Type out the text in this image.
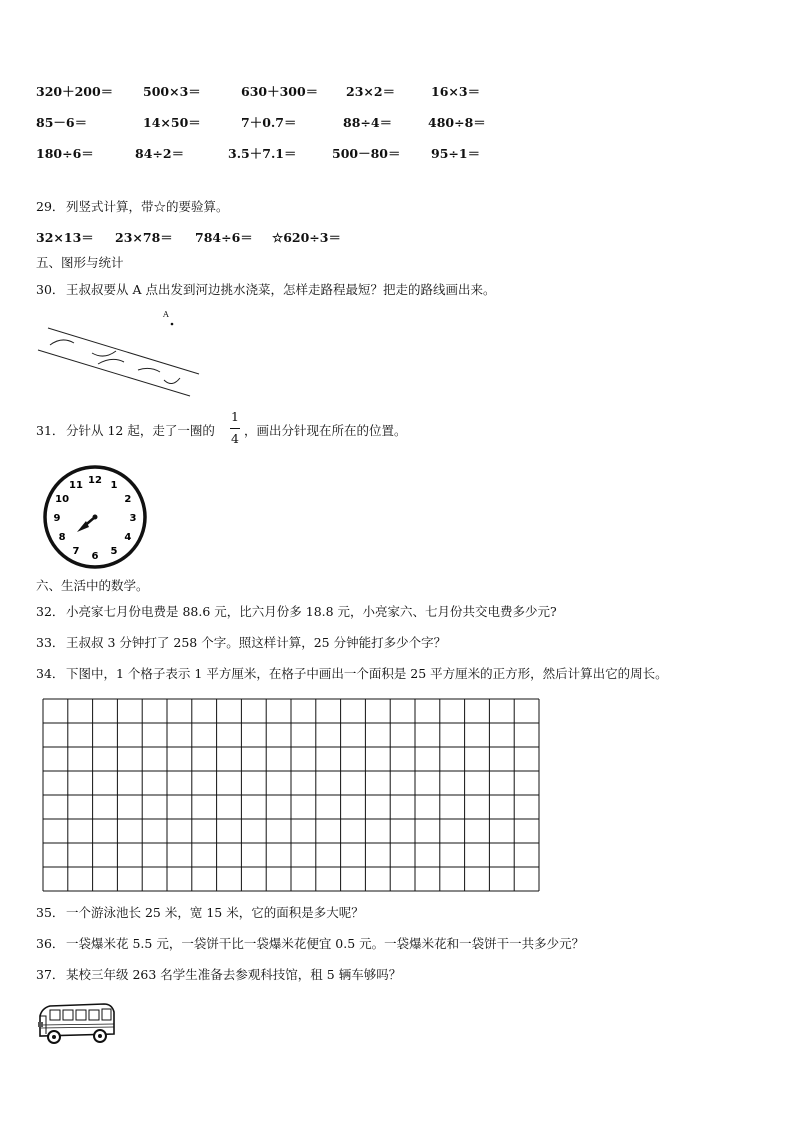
320＋200＝ 500×3＝	630＋300＝ 23×2＝	16×3＝
85－6＝	14×50＝	7＋0.7＝	88÷4＝	480÷8＝
180÷6＝	84÷2＝	3.5＋7.1＝	500－80＝ 95÷1＝
29． 列竖式计算，带☆的要验算。
32×13＝ 23×78＝ 784÷6＝ ☆620÷3＝
五、图形与统计
30． 王叔叔要从 A 点出发到河边挑水浇菜，怎样走路程最短？把走的路线画出来。
A
31． 分针从 12 起，走了一圈的
1
4
，画出分针现在所在的位置。
12 1
2
3
4
5
6
7
8
9
10
11
六、生活中的数学。
32． 小亮家七月份电费是 88.6 元，比六月份多 18.8 元，小亮家六、七月份共交电费多少元?
33． 王叔叔 3 分钟打了 258 个字。照这样计算，25 分钟能打多少个字？
34． 下图中，1 个格子表示 1 平方厘米，在格子中画出一个面积是 25 平方厘米的正方形，然后计算出它的周长。
35． 一个游泳池长 25 米，宽 15 米，它的面积是多大呢？
36． 一袋爆米花 5.5 元，一袋饼干比一袋爆米花便宜 0.5 元。一袋爆米花和一袋饼干一共多少元？
37． 某校三年级 263 名学生准备去参观科技馆，租 5 辆车够吗？
